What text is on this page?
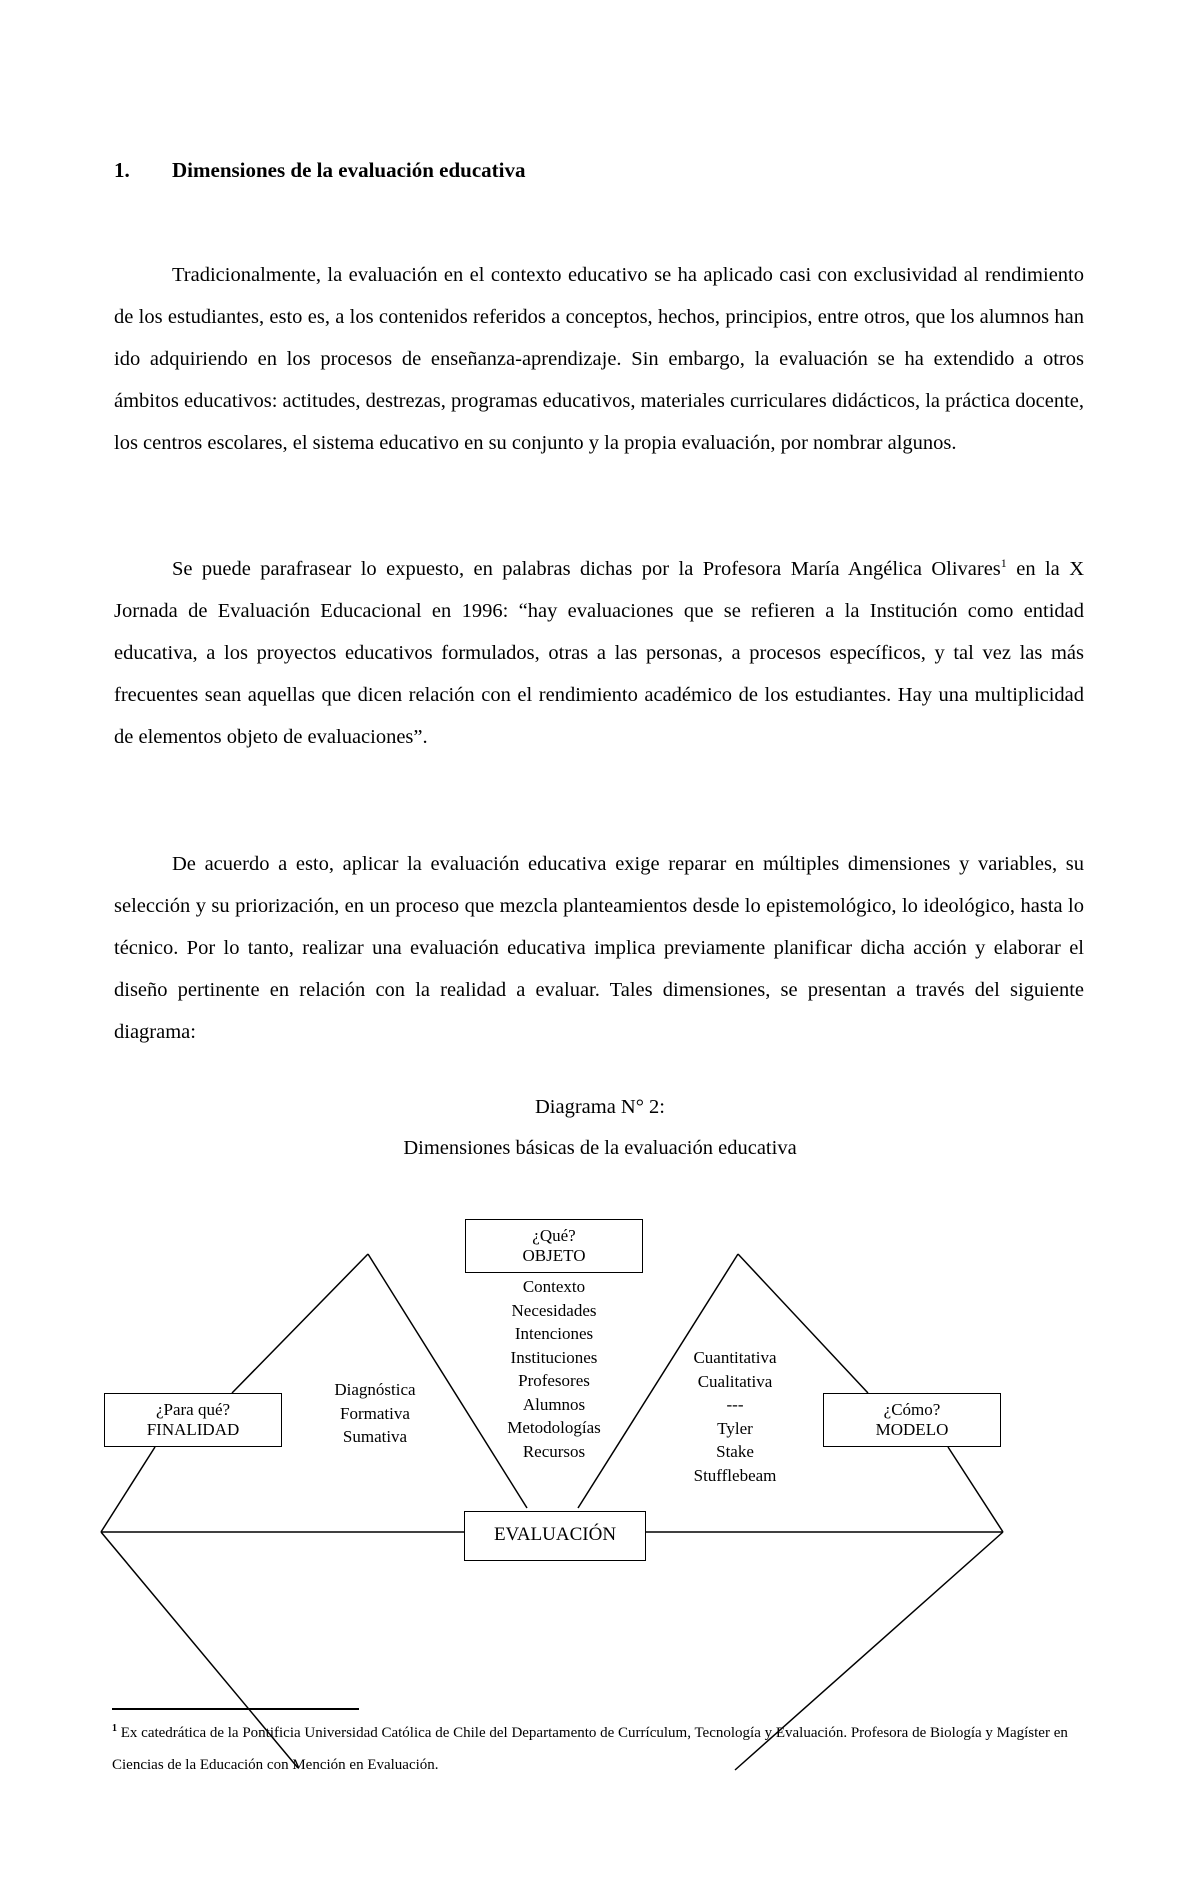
1. Dimensiones de la evaluación educativa

Tradicionalmente, la evaluación en el contexto educativo se ha aplicado casi con exclusividad al rendimiento de los estudiantes, esto es, a los contenidos referidos a conceptos, hechos, principios, entre otros, que los alumnos han ido adquiriendo en los procesos de enseñanza-aprendizaje. Sin embargo, la evaluación se ha extendido a otros ámbitos educativos: actitudes, destrezas, programas educativos, materiales curriculares didácticos, la práctica docente, los centros escolares, el sistema educativo en su conjunto y la propia evaluación, por nombrar algunos.

Se puede parafrasear lo expuesto, en palabras dichas por la Profesora María Angélica Olivares$^1$ en la X Jornada de Evaluación Educacional en 1996: “hay evaluaciones que se refieren a la Institución como entidad educativa, a los proyectos educativos formulados, otras a las personas, a procesos específicos, y tal vez las más frecuentes sean aquellas que dicen relación con el rendimiento académico de los estudiantes. Hay una multiplicidad de elementos objeto de evaluaciones”.

De acuerdo a esto, aplicar la evaluación educativa exige reparar en múltiples dimensiones y variables, su selección y su priorización, en un proceso que mezcla planteamientos desde lo epistemológico, lo ideológico, hasta lo técnico. Por lo tanto, realizar una evaluación educativa implica previamente planificar dicha acción y elaborar el diseño pertinente en relación con la realidad a evaluar. Tales dimensiones, se presentan a través del siguiente diagrama:

Diagrama N° 2:
Dimensiones básicas de la evaluación educativa
¿Qué?
OBJETO
¿Para qué?
FINALIDAD
¿Cómo?
MODELO
EVALUACIÓN
Diagnóstica
Formativa
Sumativa
Contexto
Necesidades
Intenciones
Instituciones
Profesores
Alumnos
Metodologías
Recursos
Cuantitativa
Cualitativa
---
Tyler
Stake
Stufflebeam
$^1$ Ex catedrática de la Pontificia Universidad Católica de Chile del Departamento de Currículum, Tecnología y Evaluación. Profesora de Biología y Magíster en Ciencias de la Educación con Mención en Evaluación.
